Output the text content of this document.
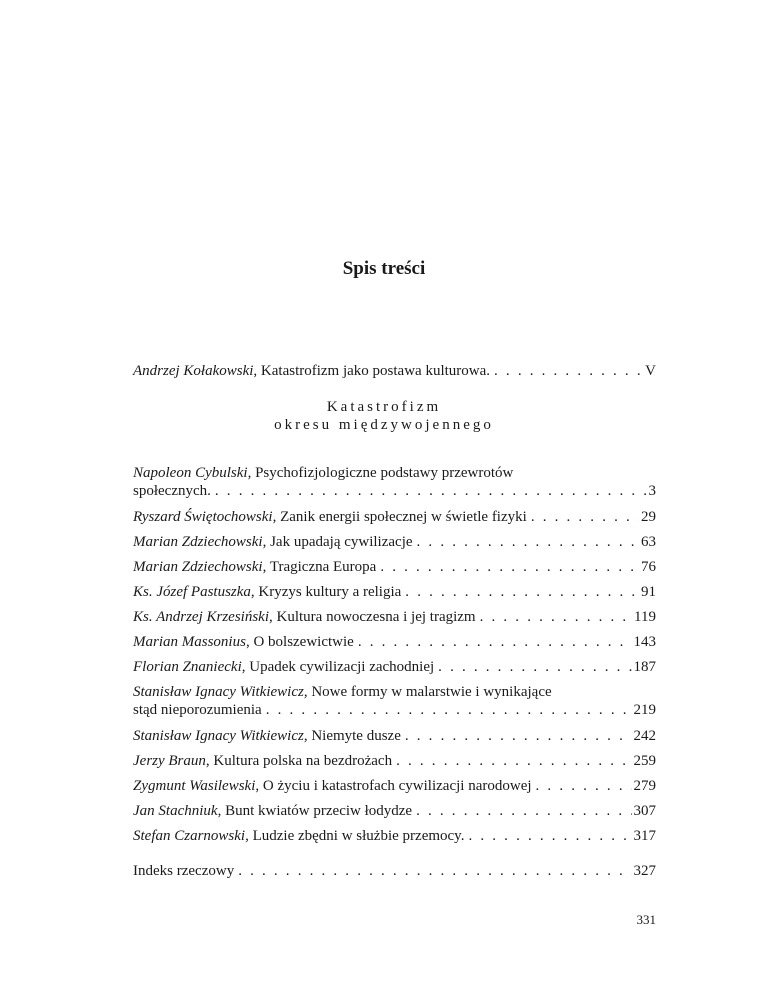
Spis treści
Andrzej Kołakowski, Katastrofizm jako postawa kulturowa. . . .	V
Napoleon Cybulski, Psychofizjologiczne podstawy przewrotów
społecznych. . . .	3
Ryszard Świętochowski, Zanik energii społecznej w świetle fizyki . . .	29
Marian Zdziechowski, Jak upadają cywilizacje . . .	63
Marian Zdziechowski, Tragiczna Europa . . .	76
Ks. Józef Pastuszka, Kryzys kultury a religia . . .	91
Ks. Andrzej Krzesiński, Kultura nowoczesna i jej tragizm . . .	119
Marian Massonius, O bolszewictwie . . .	143
Florian Znaniecki, Upadek cywilizacji zachodniej . . .	187
Stanisław Ignacy Witkiewicz, Nowe formy w malarstwie i wynikające
stąd nieporozumienia . . .	219
Stanisław Ignacy Witkiewicz, Niemyte dusze . . .	242
Jerzy Braun, Kultura polska na bezdrożach . . .	259
Zygmunt Wasilewski, O życiu i katastrofach cywilizacji narodowej . . .	279
Jan Stachniuk, Bunt kwiatów przeciw łodydze . . .	307
Stefan Czarnowski, Ludzie zbędni w służbie przemocy. . . .	317
Indeks rzeczowy . . .	327
Katastrofizm
okresu międzywojennego
331
